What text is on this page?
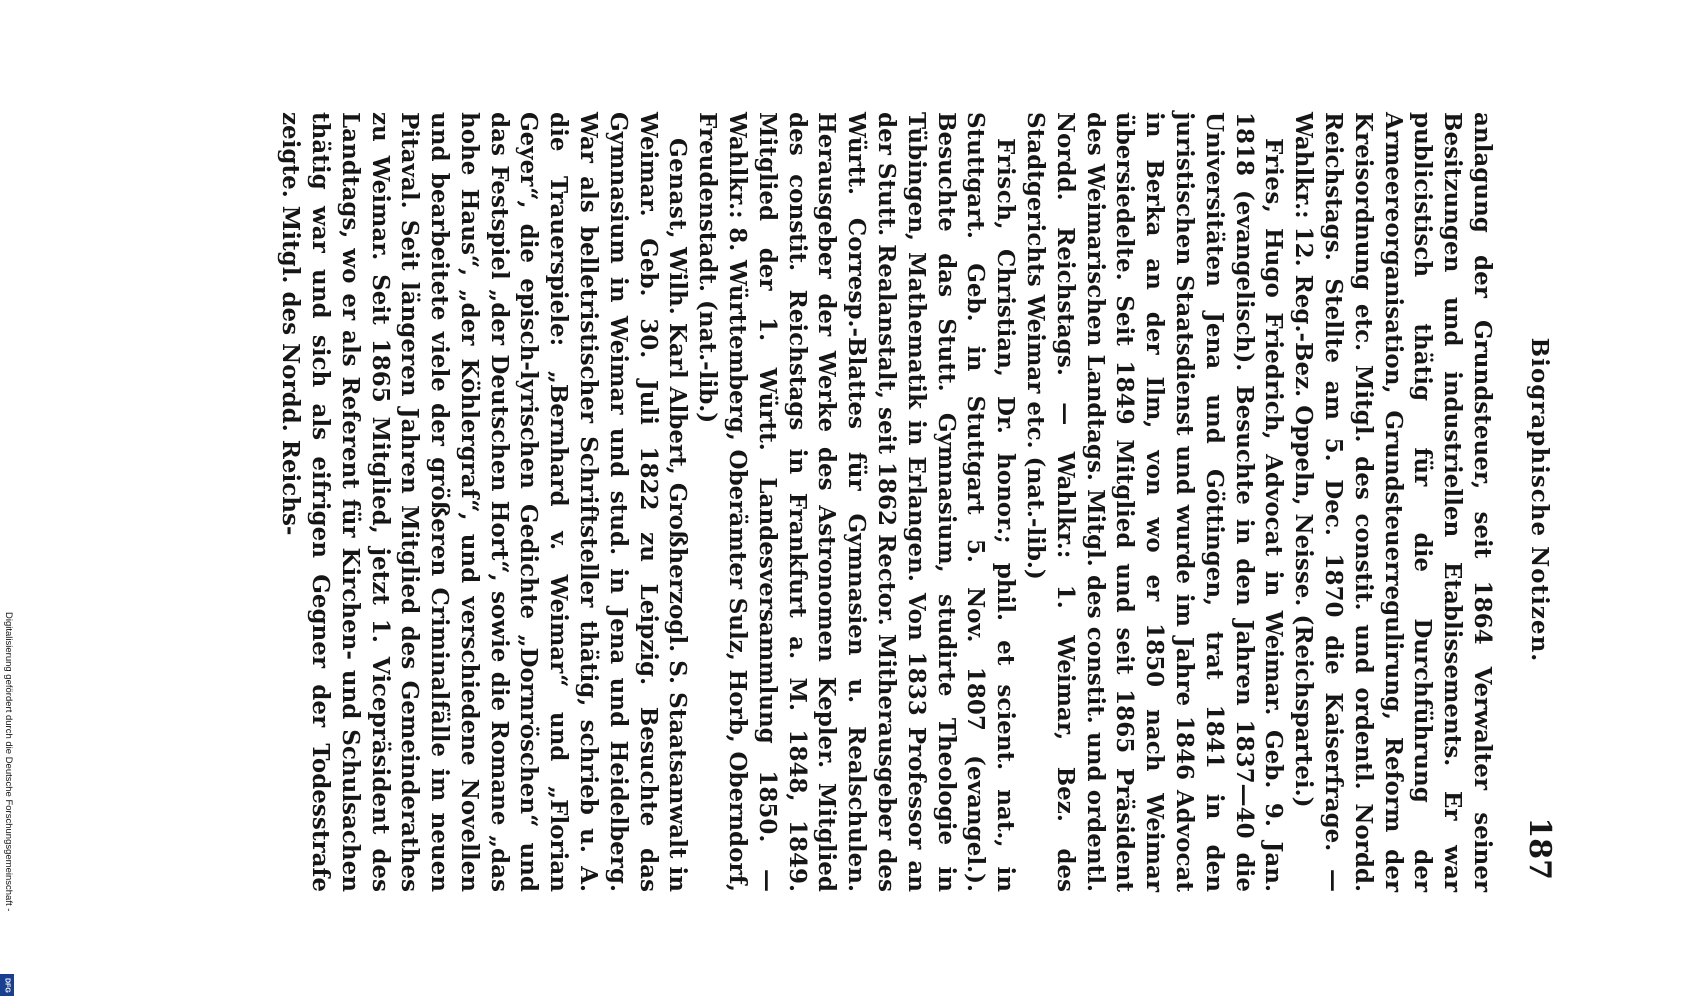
Biographische Notizen.
187

anlagung der Grundsteuer, seit 1864 Verwalter seiner Besitzungen und industriellen Etablissements. Er war publicistisch thätig für die Durchführung der Armeereorganisation, Grundsteuerregulirung, Reform der Kreisordnung etc. Mitgl. des constit. und ordentl. Nordd. Reichstags. Stellte am 5. Dec. 1870 die Kaiserfrage. — Wahlkr.: 12. Reg.-Bez. Oppeln, Neisse. (Reichspartei.)

Fries, Hugo Friedrich, Advocat in Weimar. Geb. 9. Jan. 1818 (evangelisch). Besuchte in den Jahren 1837—40 die Universitäten Jena und Göttingen, trat 1841 in den juristischen Staatsdienst und wurde im Jahre 1846 Advocat in Berka an der Ilm, von wo er 1850 nach Weimar übersiedelte. Seit 1849 Mitglied und seit 1865 Präsident des Weimarischen Landtags. Mitgl. des constit. und ordentl. Nordd. Reichstags. — Wahlkr.: 1. Weimar, Bez. des Stadtgerichts Weimar etc. (nat.-lib.)

Frisch, Christian, Dr. honor.; phil. et scient. nat., in Stuttgart. Geb. in Stuttgart 5. Nov. 1807 (evangel.). Besuchte das Stutt. Gymnasium, studirte Theologie in Tübingen, Mathematik in Erlangen. Von 1833 Professor an der Stutt. Realanstalt, seit 1862 Rector. Mitherausgeber des Württ. Corresp.-Blattes für Gymnasien u. Realschulen. Herausgeber der Werke des Astronomen Kepler. Mitglied des constit. Reichstags in Frankfurt a. M. 1848, 1849. Mitglied der 1. Württ. Landesversammlung 1850. — Wahlkr.: 8. Württemberg, Oberämter Sulz, Horb, Oberndorf, Freudenstadt. (nat.-lib.)

Genast, Wilh. Karl Albert, Großherzogl. S. Staatsanwalt in Weimar. Geb. 30. Juli 1822 zu Leipzig. Besuchte das Gymnasium in Weimar und stud. in Jena und Heidelberg. War als belletristischer Schriftsteller thätig, schrieb u. A. die Trauerspiele: „Bernhard v. Weimar“ und „Florian Geyer“, die episch-lyrischen Gedichte „Dornröschen“ und das Festspiel „der Deutschen Hort“, sowie die Romane „das hohe Haus“, „der Köhlergraf“, und verschiedene Novellen und bearbeitete viele der größeren Criminalfälle im neuen Pitaval. Seit längeren Jahren Mitglied des Gemeinderathes zu Weimar. Seit 1865 Mitglied, jetzt 1. Vicepräsident des Landtags, wo er als Referent für Kirchen- und Schulsachen thätig war und sich als eifrigen Gegner der Todesstrafe zeigte. Mitgl. des Nordd. Reichs-

Digitalisierung gefördert durch die Deutsche Forschungsgemeinschaft -
DFG
